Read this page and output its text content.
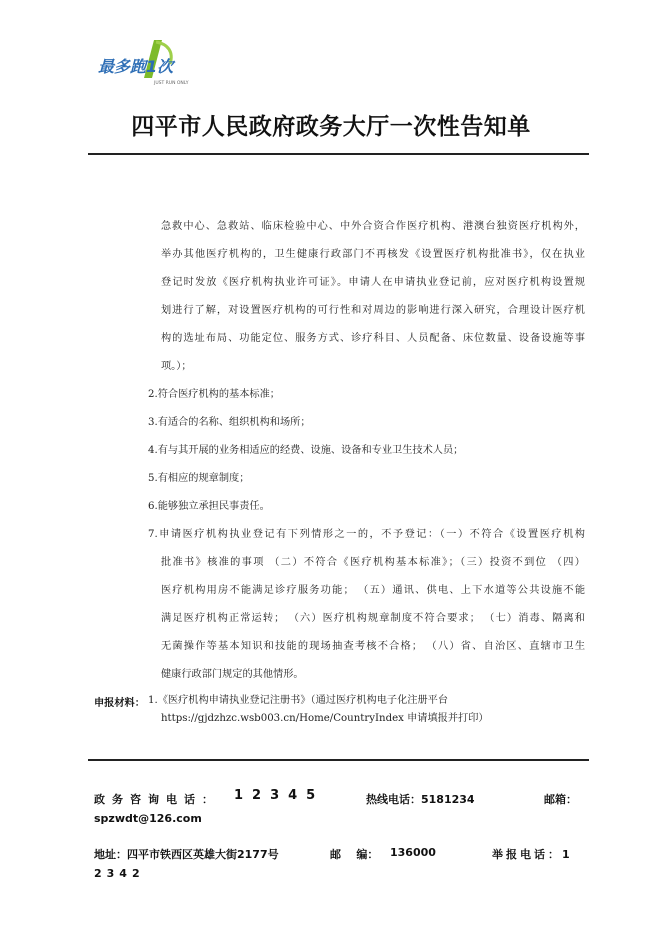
最多跑1次
JUST RUN ONLY
四平市人民政府政务大厅一次性告知单
急救中心、急救站、临床检验中心、中外合资合作医疗机构、港澳台独资医疗机构外，
举办其他医疗机构的，卫生健康行政部门不再核发《设置医疗机构批准书》，仅在执业
登记时发放《医疗机构执业许可证》。申请人在申请执业登记前，应对医疗机构设置规
划进行了解，对设置医疗机构的可行性和对周边的影响进行深入研究，合理设计医疗机
构的选址布局、功能定位、服务方式、诊疗科目、人员配备、床位数量、设备设施等事
项。）；
2.符合医疗机构的基本标准；
3.有适合的名称、组织机构和场所；
4.有与其开展的业务相适应的经费、设施、设备和专业卫生技术人员；
5.有相应的规章制度；
6.能够独立承担民事责任。
7.申请医疗机构执业登记有下列情形之一的，不予登记：（一）不符合《设置医疗机构
批准书》核准的事项 （二）不符合《医疗机构基本标准》；（三）投资不到位 （四）
医疗机构用房不能满足诊疗服务功能； （五）通讯、供电、上下水道等公共设施不能
满足医疗机构正常运转； （六）医疗机构规章制度不符合要求； （七）消毒、隔离和
无菌操作等基本知识和技能的现场抽查考核不合格； （八）省、自治区、直辖市卫生
健康行政部门规定的其他情形。
申报材料： 1.《医疗机构申请执业登记注册书》（通过医疗机构电子化注册平台
https://gjdzhzc.wsb003.cn/Home/CountryIndex 申请填报并打印）
政务咨询电话： 12345	热线电话：5181234	邮箱：
spzwdt@126.com
地址：四平市铁西区英雄大街2177号	邮    编： 136000	举报电话：1
2342
